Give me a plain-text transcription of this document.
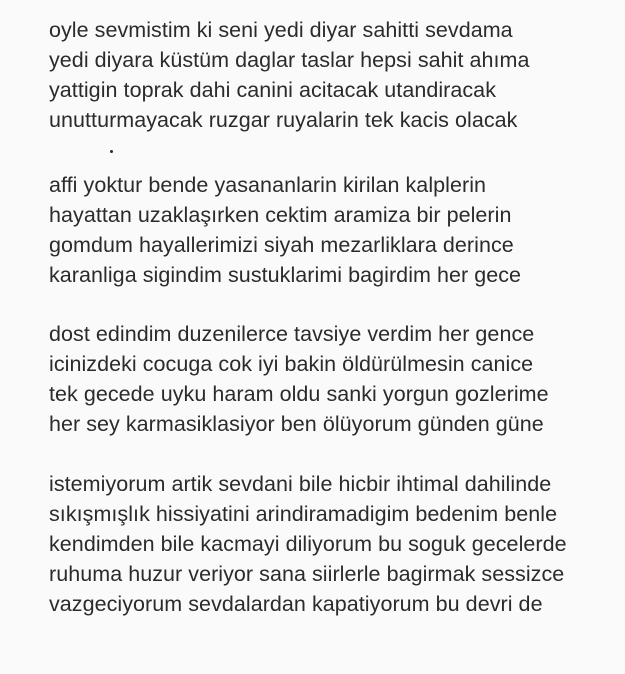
oyle sevmistim ki seni yedi diyar sahitti sevdama
yedi diyara küstüm daglar taslar hepsi sahit ahıma
yattigin toprak dahi canini acitacak utandiracak
unutturmayacak ruzgar ruyalarin tek kacis olacak
affi yoktur bende yasananlarin kirilan kalplerin
hayattan uzaklaşırken cektim aramiza bir pelerin
gomdum hayallerimizi siyah mezarliklara derince
karanliga sigindim sustuklarimi bagirdim her gece
dost edindim duzenilerce tavsiye verdim her gence
icinizdeki cocuga cok iyi bakin öldürülmesin canice
tek gecede uyku haram oldu sanki yorgun gozlerime
her sey karmasiklasiyor ben ölüyorum günden güne
istemiyorum artik sevdani bile hicbir ihtimal dahilinde
sıkışmışlık hissiyatini arindiramadigim bedenim benle
kendimden bile kacmayi diliyorum bu soguk gecelerde
ruhuma huzur veriyor sana siirlerle bagirmak sessizce
vazgeciyorum sevdalardan kapatiyorum bu devri de
